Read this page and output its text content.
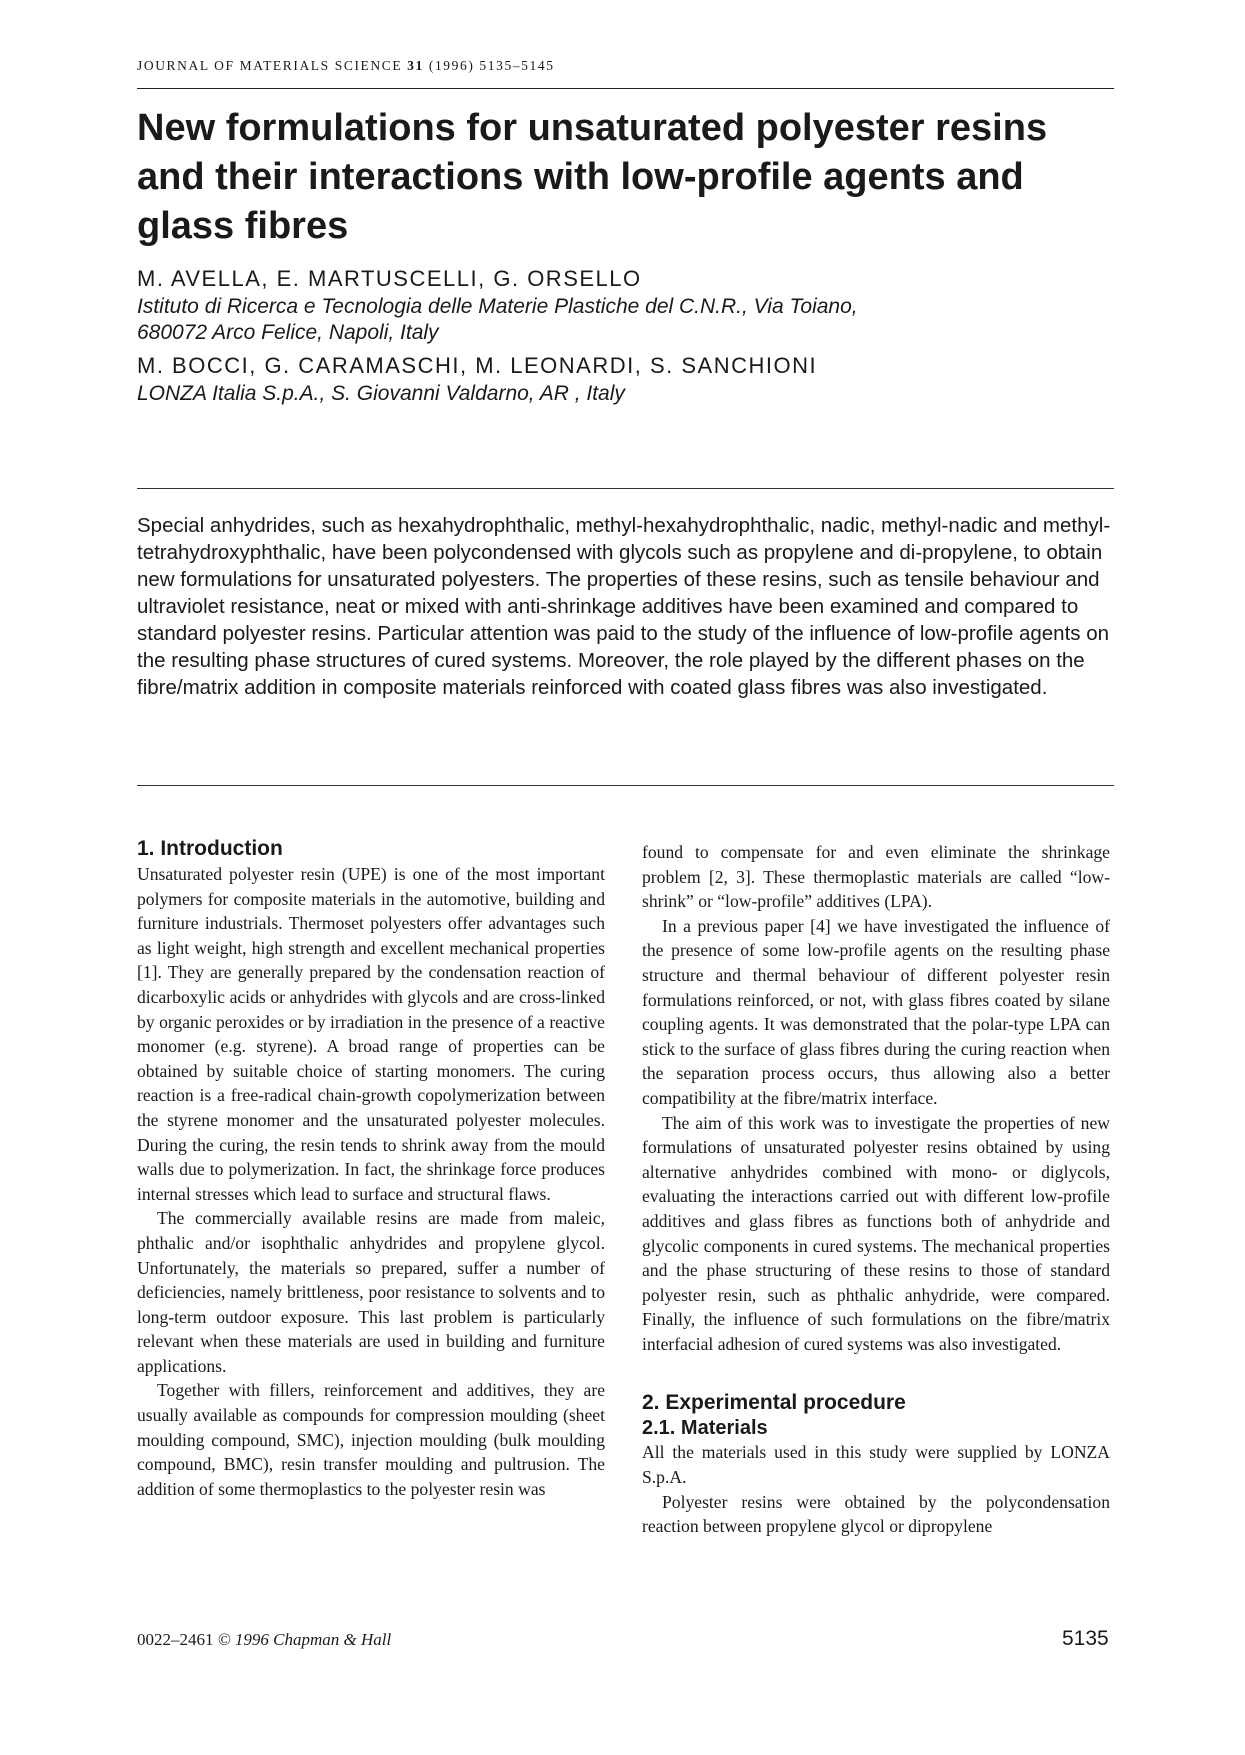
JOURNAL OF MATERIALS SCIENCE 31 (1996) 5135–5145
New formulations for unsaturated polyester resins and their interactions with low-profile agents and glass fibres
M. AVELLA, E. MARTUSCELLI, G. ORSELLO
Istituto di Ricerca e Tecnologia delle Materie Plastiche del C.N.R., Via Toiano,
680072 Arco Felice, Napoli, Italy
M. BOCCI, G. CARAMASCHI, M. LEONARDI, S. SANCHIONI
LONZA Italia S.p.A., S. Giovanni Valdarno, AR , Italy

Special anhydrides, such as hexahydrophthalic, methyl-hexahydrophthalic, nadic, methyl-nadic and methyl-tetrahydroxyphthalic, have been polycondensed with glycols such as propylene and di-propylene, to obtain new formulations for unsaturated polyesters. The properties of these resins, such as tensile behaviour and ultraviolet resistance, neat or mixed with anti-shrinkage additives have been examined and compared to standard polyester resins. Particular attention was paid to the study of the influence of low-profile agents on the resulting phase structures of cured systems. Moreover, the role played by the different phases on the fibre/matrix addition in composite materials reinforced with coated glass fibres was also investigated.

1. Introduction

Unsaturated polyester resin (UPE) is one of the most important polymers for composite materials in the automotive, building and furniture industrials. Thermoset polyesters offer advantages such as light weight, high strength and excellent mechanical properties [1]. They are generally prepared by the condensation reaction of dicarboxylic acids or anhydrides with glycols and are cross-linked by organic peroxides or by irradiation in the presence of a reactive monomer (e.g. styrene). A broad range of properties can be obtained by suitable choice of starting monomers. The curing reaction is a free-radical chain-growth copolymerization between the styrene monomer and the unsaturated polyester molecules. During the curing, the resin tends to shrink away from the mould walls due to polymerization. In fact, the shrinkage force produces internal stresses which lead to surface and structural flaws.

The commercially available resins are made from maleic, phthalic and/or isophthalic anhydrides and propylene glycol. Unfortunately, the materials so prepared, suffer a number of deficiencies, namely brittleness, poor resistance to solvents and to long-term outdoor exposure. This last problem is particularly relevant when these materials are used in building and furniture applications.

Together with fillers, reinforcement and additives, they are usually available as compounds for compression moulding (sheet moulding compound, SMC), injection moulding (bulk moulding compound, BMC), resin transfer moulding and pultrusion. The addition of some thermoplastics to the polyester resin was

found to compensate for and even eliminate the shrinkage problem [2, 3]. These thermoplastic materials are called “low-shrink” or “low-profile” additives (LPA).

In a previous paper [4] we have investigated the influence of the presence of some low-profile agents on the resulting phase structure and thermal behaviour of different polyester resin formulations reinforced, or not, with glass fibres coated by silane coupling agents. It was demonstrated that the polar-type LPA can stick to the surface of glass fibres during the curing reaction when the separation process occurs, thus allowing also a better compatibility at the fibre/matrix interface.

The aim of this work was to investigate the properties of new formulations of unsaturated polyester resins obtained by using alternative anhydrides combined with mono- or diglycols, evaluating the interactions carried out with different low-profile additives and glass fibres as functions both of anhydride and glycolic components in cured systems. The mechanical properties and the phase structuring of these resins to those of standard polyester resin, such as phthalic anhydride, were compared. Finally, the influence of such formulations on the fibre/matrix interfacial adhesion of cured systems was also investigated.

2. Experimental procedure
2.1. Materials

All the materials used in this study were supplied by LONZA S.p.A.

Polyester resins were obtained by the polycondensation reaction between propylene glycol or dipropylene

0022–2461 © 1996 Chapman & Hall	5135
